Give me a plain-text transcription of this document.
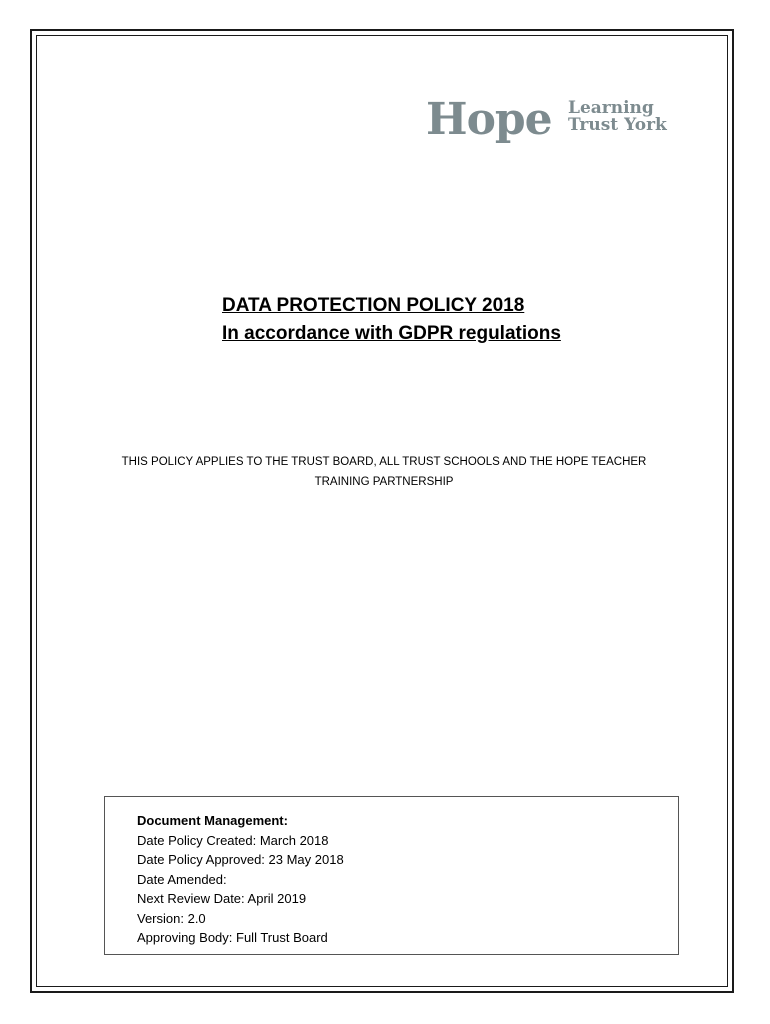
Hope Learning
Trust York
DATA PROTECTION POLICY 2018
In accordance with GDPR regulations
THIS POLICY APPLIES TO THE TRUST BOARD, ALL TRUST SCHOOLS AND THE HOPE TEACHER
TRAINING PARTNERSHIP
Document Management:
Date Policy Created: March 2018
Date Policy Approved: 23 May 2018
Date Amended:
Next Review Date: April 2019
Version: 2.0
Approving Body: Full Trust Board
